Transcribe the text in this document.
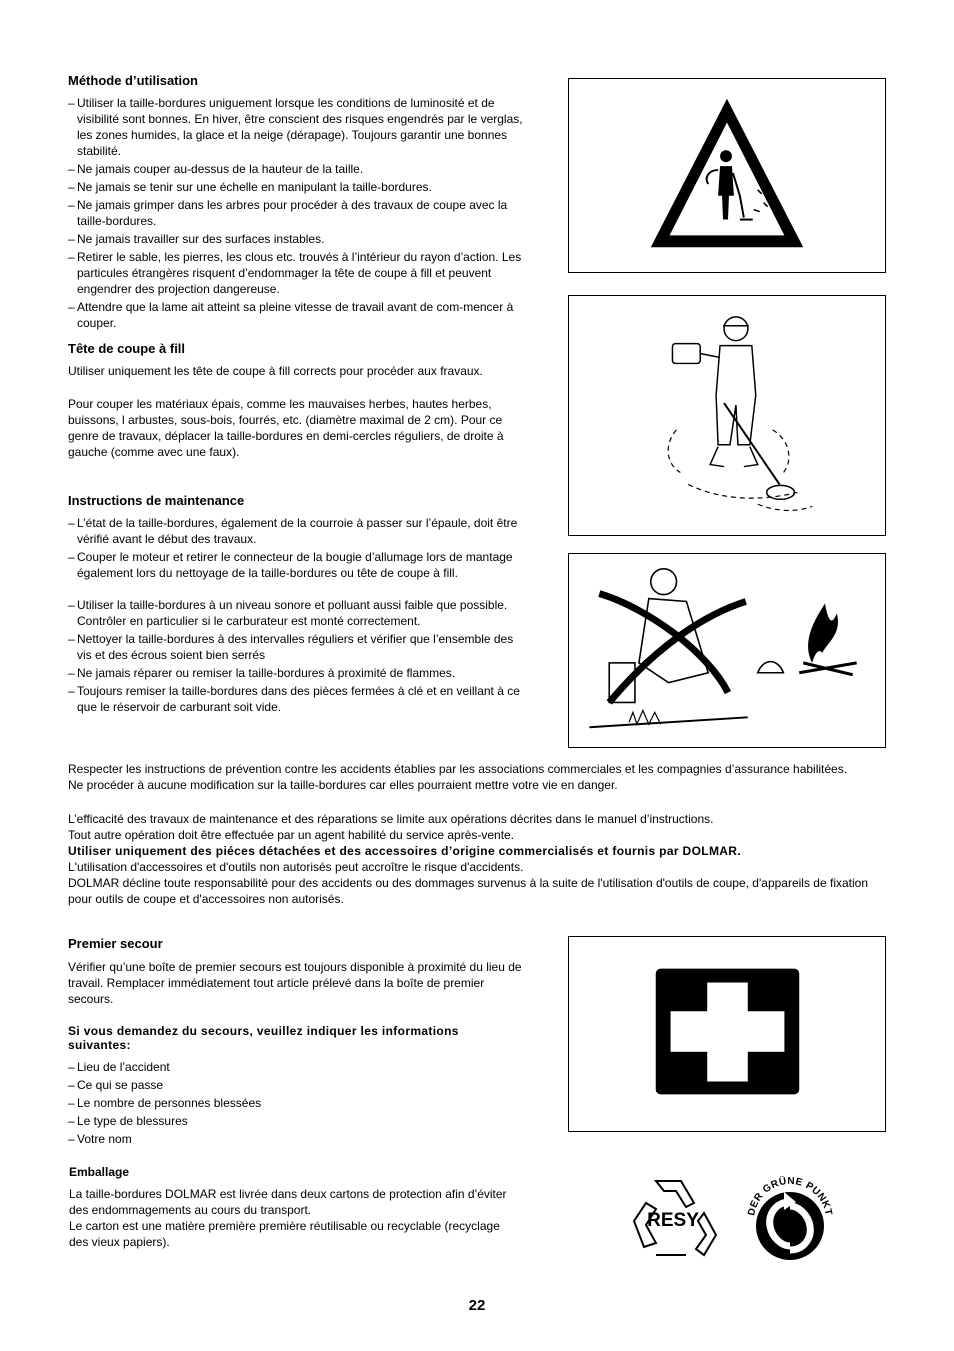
Méthode d’utilisation
– Utiliser la taille-bordures uniguement lorsque les conditions de luminosité et de visibilité sont bonnes. En hiver, être conscient des risques engendrés par le verglas, les zones humides, la glace et la neige (dérapage). Toujours garantir une bonnes stabilité.
– Ne jamais couper au-dessus de la hauteur de la taille.
– Ne jamais se tenir sur une échelle en manipulant la taille-bordures.
– Ne jamais grimper dans les arbres pour procéder à des travaux de coupe avec la taille-bordures.
– Ne jamais travailler sur des surfaces instables.
– Retirer le sable, les pierres, les clous etc. trouvés à l’intérieur du rayon d’action. Les particules étrangères risquent d’endommager la tête de coupe à fill et peuvent engendrer des projection dangereuse.
– Attendre que la lame ait atteint sa pleine vitesse de travail avant de com-mencer à couper.
Tête de coupe à fill

Utiliser uniquement les tête de coupe à fill corrects pour procéder aux fravaux.

Pour couper les matériaux épais, comme les mauvaises herbes, hautes herbes, buissons, l arbustes, sous-bois, fourrés, etc. (diamètre maximal de 2 cm). Pour ce genre de travaux, déplacer la taille-bordures en demi-cercles réguliers, de droite à gauche (comme avec une faux).

Instructions de maintenance
– L’état de la taille-bordures, également de la courroie à passer sur l’épaule, doit être vérifié avant le début des travaux.
– Couper le moteur et retirer le connecteur de la bougie d’allumage lors de mantage également lors du nettoyage de la taille-bordures ou tête de coupe à fill.
– Utiliser la taille-bordures à un niveau sonore et polluant aussi faible que possible. Contrôler en particulier si le carburateur est monté correctement.
– Nettoyer la taille-bordures à des intervalles réguliers et vérifier que l’ensemble des vis et des écrous soient bien serrés
– Ne jamais réparer ou remiser la taille-bordures à proximité de flammes.
– Toujours remiser la taille-bordures dans des pièces fermées à clé et en veillant à ce que le réservoir de carburant soit vide.

Respecter les instructions de prévention contre les accidents établies par les associations commerciales et les compagnies d’assurance habilitées.

Ne procéder à aucune modification sur la taille-bordures car elles pourraient mettre votre vie en danger.

L’efficacité des travaux de maintenance et des réparations se limite aux opérations décrites dans le manuel d’instructions.

Tout autre opération doit être effectuée par un agent habilité du service après-vente.

Utiliser uniquement des piéces détachées et des accessoires d’origine commercialisés et fournis par DOLMAR.

L'utilisation d'accessoires et d'outils non autorisés peut accroître le risque d'accidents.

DOLMAR décline toute responsabilité pour des accidents ou des dommages survenus à la suite de l'utilisation d'outils de coupe, d'appareils de fixation pour outils de coupe et d'accessoires non autorisés.

Premier secour

Vérifier qu’une boîte de premier secours est toujours disponible à proximité du lieu de travail. Remplacer immédiatement tout article prélevé dans la boîte de premier secours.

Si vous demandez du secours, veuillez indiquer les informations suivantes:

– Lieu de l’accident
– Ce qui se passe
– Le nombre de personnes blessées
– Le type de blessures
– Votre nom
Emballage

La taille-bordures DOLMAR est livrée dans deux cartons de protection afin d’éviter des endommagements au cours du transport.

Le carton est une matière première première réutilisable ou recyclable (recyclage des vieux papiers).

RESY	DER GRÜNE PUNKT
22
